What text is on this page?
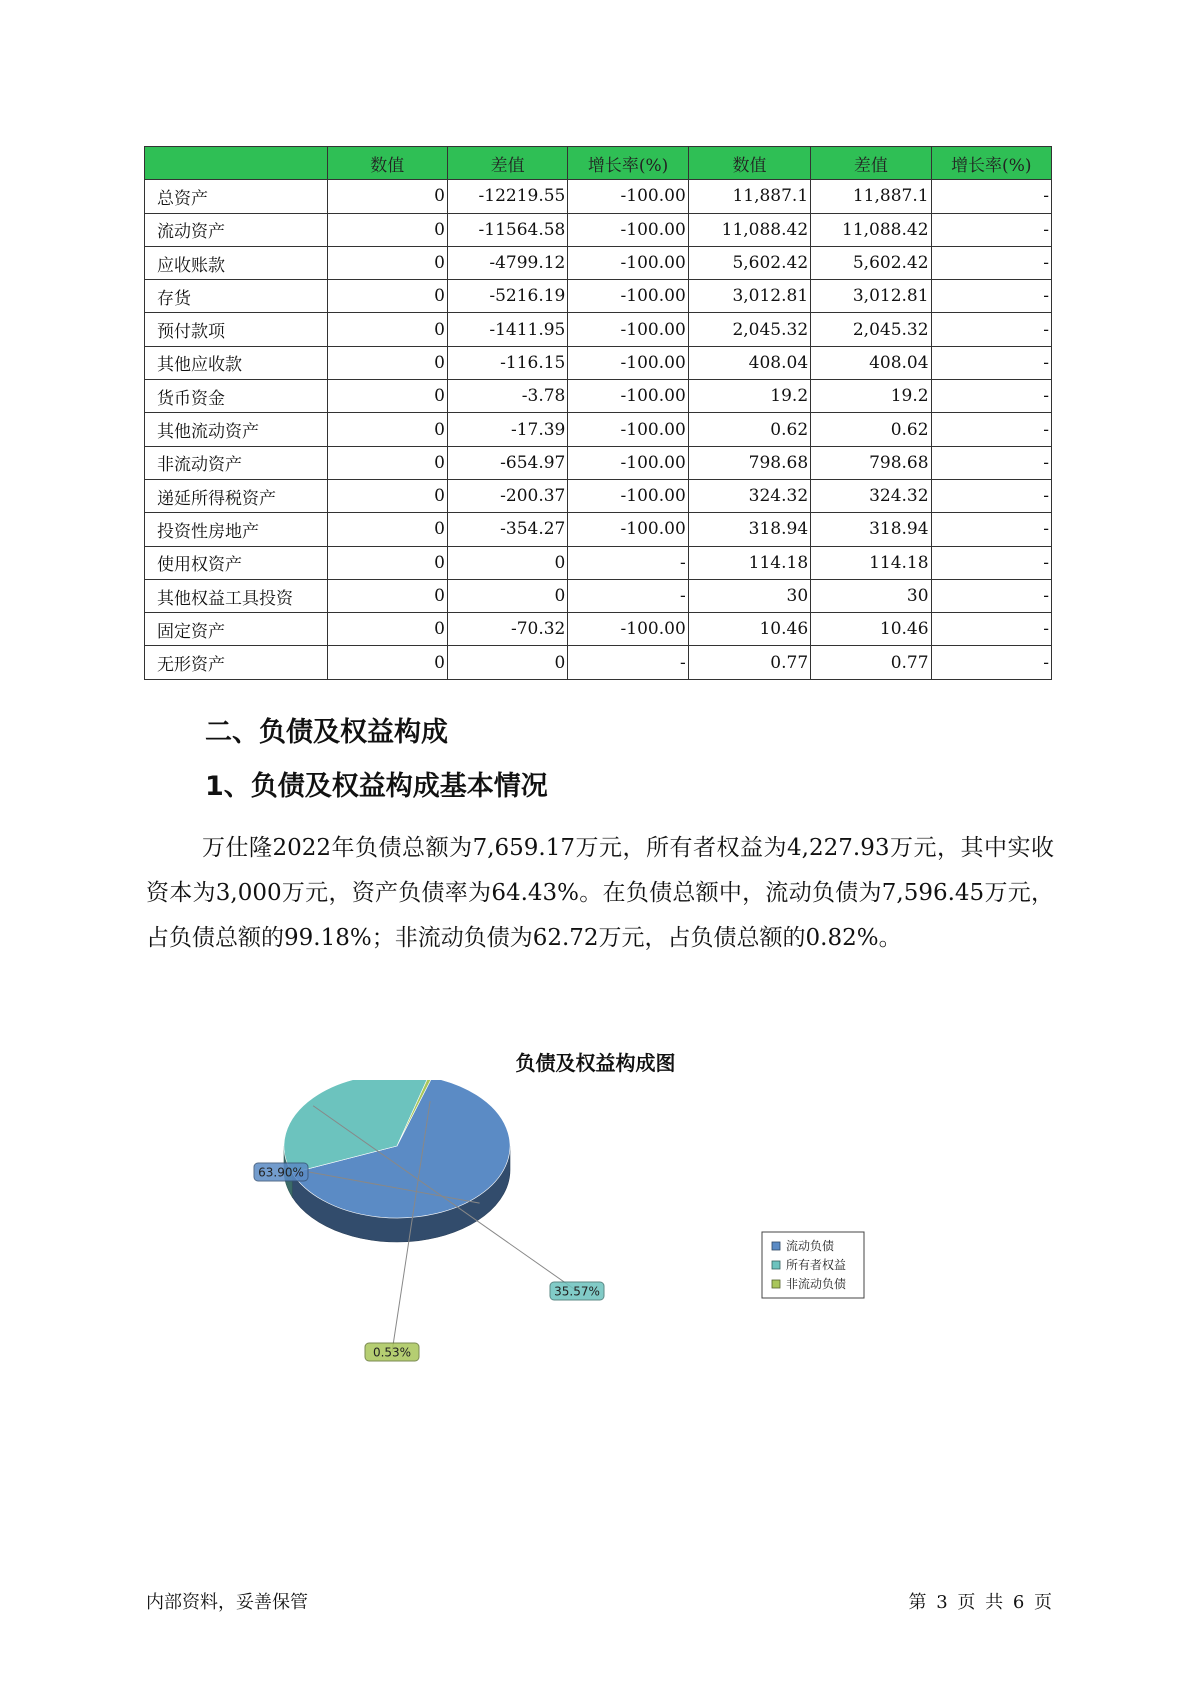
	数值	差值	增长率(%)	数值	差值	增长率(%)
总资产	0	-12219.55	-100.00	11,887.1	11,887.1	-
流动资产	0	-11564.58	-100.00	11,088.42	11,088.42	-
应收账款	0	-4799.12	-100.00	5,602.42	5,602.42	-
存货	0	-5216.19	-100.00	3,012.81	3,012.81	-
预付款项	0	-1411.95	-100.00	2,045.32	2,045.32	-
其他应收款	0	-116.15	-100.00	408.04	408.04	-
货币资金	0	-3.78	-100.00	19.2	19.2	-
其他流动资产	0	-17.39	-100.00	0.62	0.62	-
非流动资产	0	-654.97	-100.00	798.68	798.68	-
递延所得税资产	0	-200.37	-100.00	324.32	324.32	-
投资性房地产	0	-354.27	-100.00	318.94	318.94	-
使用权资产	0	0	-	114.18	114.18	-
其他权益工具投资	0	0	-	30	30	-
固定资产	0	-70.32	-100.00	10.46	10.46	-
无形资产	0	0	-	0.77	0.77	-
二、负债及权益构成
1、负债及权益构成基本情况

万仕隆2022年负债总额为7,659.17万元，所有者权益为4,227.93万元，其中实收资本为3,000万元，资产负债率为64.43%。在负债总额中，流动负债为7,596.45万元，占负债总额的99.18%；非流动负债为62.72万元，占负债总额的0.82%。

负债及权益构成图
63.90%
35.57%
0.53%
流动负债
所有者权益
非流动负债
内部资料，妥善保管	第 3 页 共 6 页
